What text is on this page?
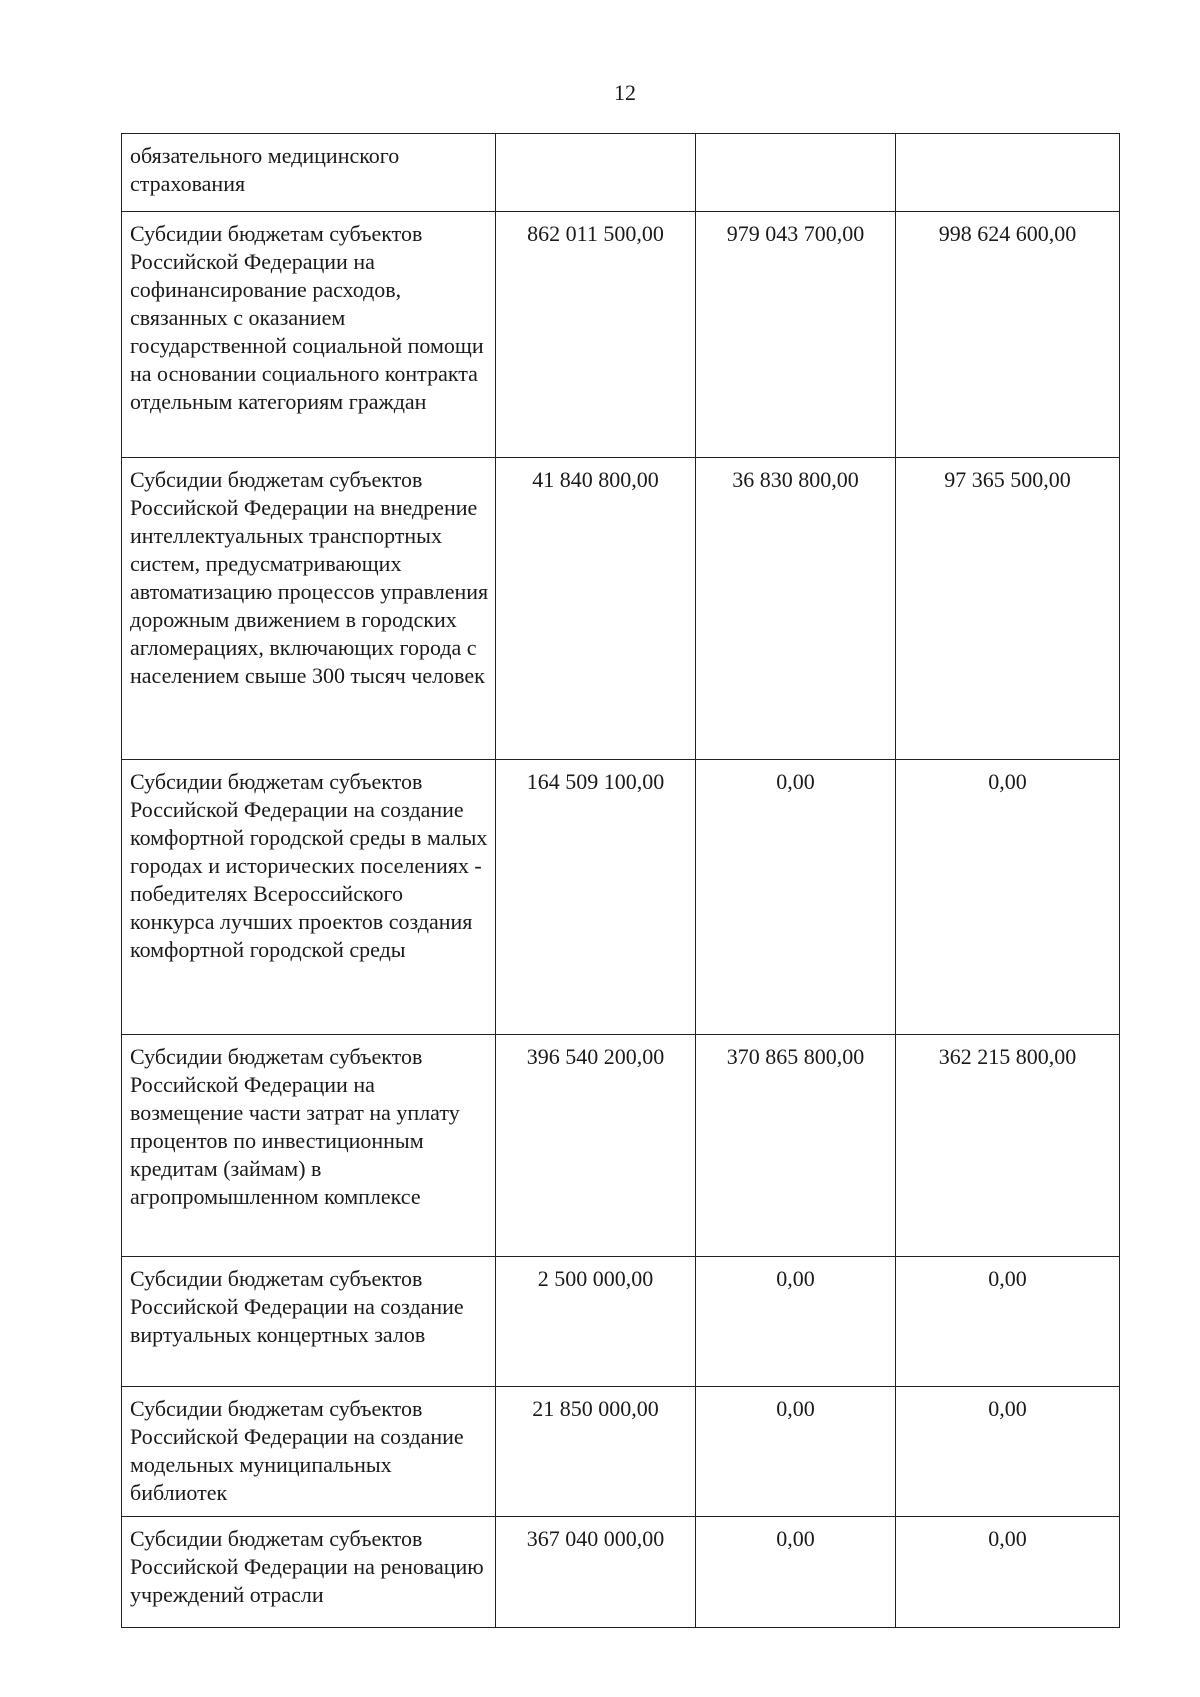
12
обязательного медицинского страхования			
Субсидии бюджетам субъектов Российской Федерации на софинансирование расходов, связанных с оказанием государственной социальной помощи на основании социального контракта отдельным категориям граждан	862 011 500,00	979 043 700,00	998 624 600,00
Субсидии бюджетам субъектов Российской Федерации на внедрение интеллектуальных транспортных систем, предусматривающих автоматизацию процессов управления дорожным движением в городских агломерациях, включающих города с населением свыше 300 тысяч человек	41 840 800,00	36 830 800,00	97 365 500,00
Субсидии бюджетам субъектов Российской Федерации на создание комфортной городской среды в малых городах и исторических поселениях - победителях Всероссийского конкурса лучших проектов создания комфортной городской среды	164 509 100,00	0,00	0,00
Субсидии бюджетам субъектов Российской Федерации на возмещение части затрат на уплату процентов по инвестиционным кредитам (займам) в агропромышленном комплексе	396 540 200,00	370 865 800,00	362 215 800,00
Субсидии бюджетам субъектов Российской Федерации на создание виртуальных концертных залов	2 500 000,00	0,00	0,00
Субсидии бюджетам субъектов Российской Федерации на создание модельных муниципальных библиотек	21 850 000,00	0,00	0,00
Субсидии бюджетам субъектов Российской Федерации на реновацию учреждений отрасли	367 040 000,00	0,00	0,00
